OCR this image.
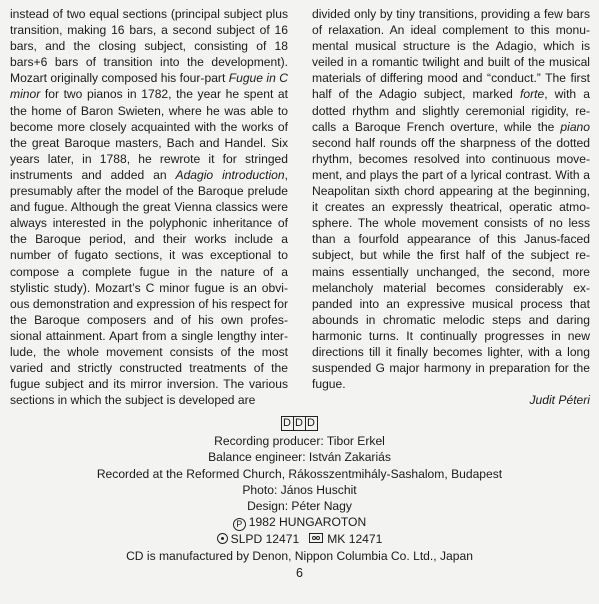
instead of two equal sections (principal subject plus transition, making 16 bars, a second subject of 16 bars, and the closing subject, consisting of 18 bars+6 bars of transition into the development). Mozart originally composed his four-part Fugue in C minor for two pianos in 1782, the year he spent at the home of Baron Swieten, where he was able to become more closely acquainted with the works of the great Baroque masters, Bach and Handel. Six years later, in 1788, he rewrote it for stringed instruments and added an Adagio introduction, presumably after the model of the Baroque prelude and fugue. Although the great Vienna classics were always interested in the polyphonic inheritance of the Baroque period, and their works include a number of fugato sections, it was exceptional to compose a complete fugue in the nature of a stylistic study). Mozart’s C minor fugue is an obvious demonstration and expression of his respect for the Baroque composers and of his own professional attainment. Apart from a single lengthy interlude, the whole movement consists of the most varied and strictly constructed treatments of the fugue subject and its mirror inversion. The various sections in which the subject is developed are

divided only by tiny transitions, providing a few bars of relaxation. An ideal complement to this monumental musical structure is the Adagio, which is veiled in a romantic twilight and built of the musical materials of differing mood and “conduct.” The first half of the Adagio subject, marked forte, with a dotted rhythm and slightly ceremonial rigidity, recalls a Baroque French overture, while the piano second half rounds off the sharpness of the dotted rhythm, becomes resolved into continuous movement, and plays the part of a lyrical contrast. With a Neapolitan sixth chord appearing at the beginning, it creates an expressly theatrical, operatic atmosphere. The whole movement consists of no less than a fourfold appearance of this Janus-faced subject, but while the first half of the subject remains essentially unchanged, the second, more melancholy material becomes considerably expanded into an expressive musical process that abounds in chromatic melodic steps and daring harmonic turns. It continually progresses in new directions till it finally becomes lighter, with a long suspended G major harmony in preparation for the fugue.

Judit Péteri
D D D
Recording producer: Tibor Erkel
Balance engineer: István Zakariás
Recorded at the Reformed Church, Rákosszentmihály-Sashalom, Budapest
Photo: János Huschit
Design: Péter Nagy
P 1982 HUNGAROTON
SLPD 12471 MK 12471
CD is manufactured by Denon, Nippon Columbia Co. Ltd., Japan
6
